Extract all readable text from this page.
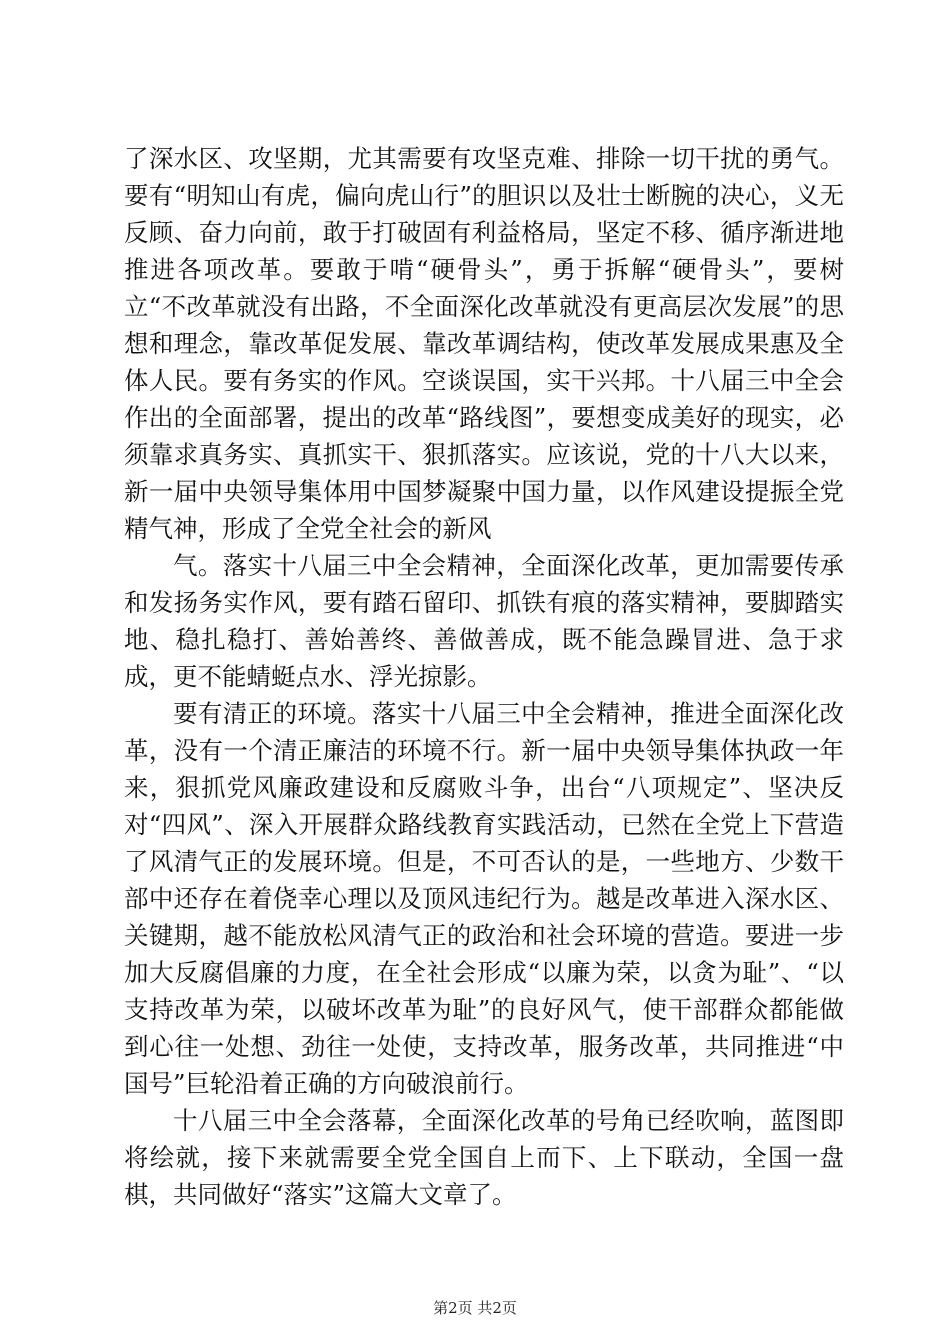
了深水区、攻坚期，尤其需要有攻坚克难、排除一切干扰的勇气。要有“明知山有虎，偏向虎山行”的胆识以及壮士断腕的决心，义无反顾、奋力向前，敢于打破固有利益格局，坚定不移、循序渐进地推进各项改革。要敢于啃“硬骨头”，勇于拆解“硬骨头”，要树立“不改革就没有出路，不全面深化改革就没有更高层次发展”的思想和理念，靠改革促发展、靠改革调结构，使改革发展成果惠及全体人民。要有务实的作风。空谈误国，实干兴邦。十八届三中全会作出的全面部署，提出的改革“路线图”，要想变成美好的现实，必须靠求真务实、真抓实干、狠抓落实。应该说，党的十八大以来，新一届中央领导集体用中国梦凝聚中国力量，以作风建设提振全党精气神，形成了全党全社会的新风

气。落实十八届三中全会精神，全面深化改革，更加需要传承和发扬务实作风，要有踏石留印、抓铁有痕的落实精神，要脚踏实地、稳扎稳打、善始善终、善做善成，既不能急躁冒进、急于求成，更不能蜻蜓点水、浮光掠影。

要有清正的环境。落实十八届三中全会精神，推进全面深化改革，没有一个清正廉洁的环境不行。新一届中央领导集体执政一年来，狠抓党风廉政建设和反腐败斗争，出台“八项规定”、坚决反对“四风”、深入开展群众路线教育实践活动，已然在全党上下营造了风清气正的发展环境。但是，不可否认的是，一些地方、少数干部中还存在着侥幸心理以及顶风违纪行为。越是改革进入深水区、关键期，越不能放松风清气正的政治和社会环境的营造。要进一步加大反腐倡廉的力度，在全社会形成“以廉为荣，以贪为耻”、“以支持改革为荣，以破坏改革为耻”的良好风气，使干部群众都能做到心往一处想、劲往一处使，支持改革，服务改革，共同推进“中国号”巨轮沿着正确的方向破浪前行。

十八届三中全会落幕，全面深化改革的号角已经吹响，蓝图即将绘就，接下来就需要全党全国自上而下、上下联动，全国一盘棋，共同做好“落实”这篇大文章了。

第2页 共2页
